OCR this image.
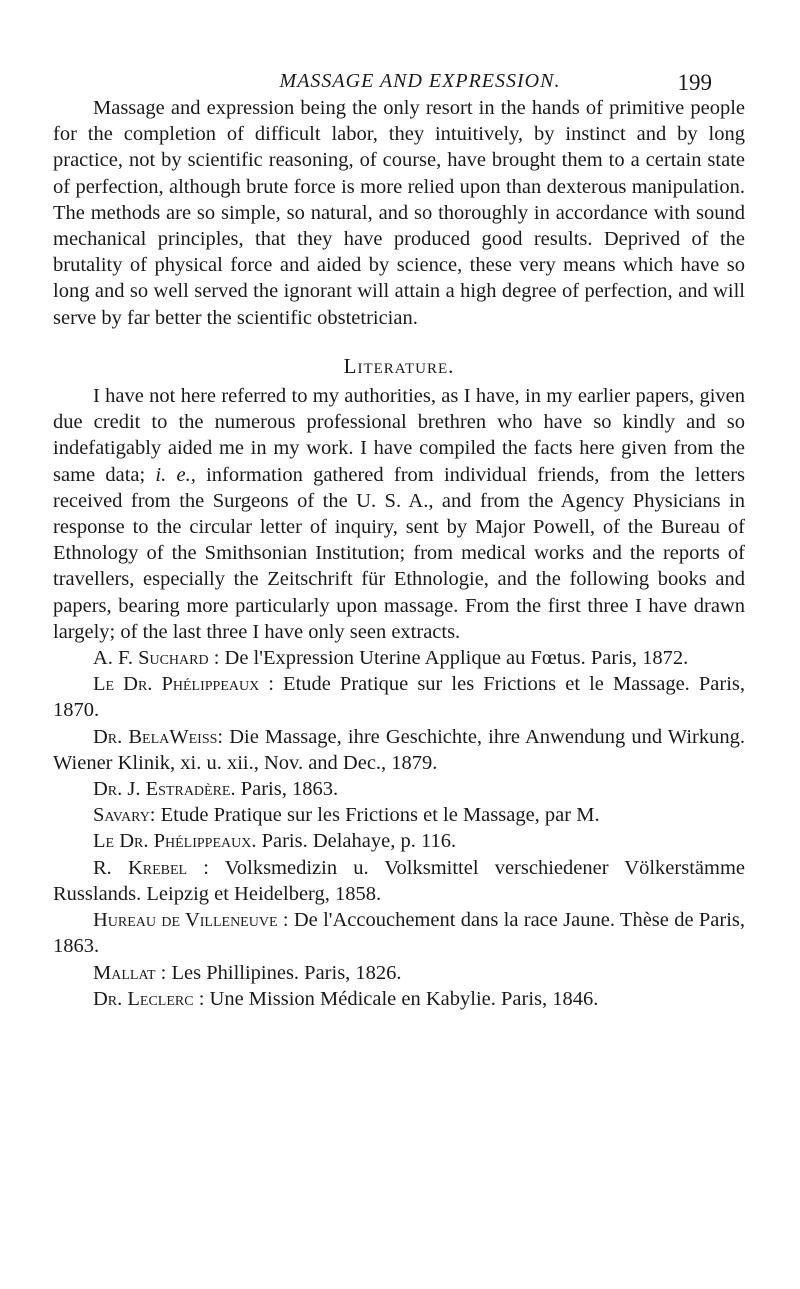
MASSAGE AND EXPRESSION.	199

Massage and expression being the only resort in the hands of primitive people for the completion of difficult labor, they intuitively, by instinct and by long practice, not by scientific reasoning, of course, have brought them to a certain state of perfection, although brute force is more relied upon than dexterous manipulation. The methods are so simple, so natural, and so thoroughly in accordance with sound mechanical principles, that they have produced good results. Deprived of the brutality of physical force and aided by science, these very means which have so long and so well served the ignorant will attain a high degree of perfection, and will serve by far better the scientific obstetrician.

Literature.

I have not here referred to my authorities, as I have, in my earlier papers, given due credit to the numerous professional brethren who have so kindly and so indefatigably aided me in my work. I have compiled the facts here given from the same data; i. e., information gathered from individual friends, from the letters received from the Surgeons of the U. S. A., and from the Agency Physicians in response to the circular letter of inquiry, sent by Major Powell, of the Bureau of Ethnology of the Smithsonian Institution; from medical works and the reports of travellers, especially the Zeitschrift für Ethnologie, and the following books and papers, bearing more particularly upon massage. From the first three I have drawn largely; of the last three I have only seen extracts.

A. F. Suchard : De l'Expression Uterine Applique au Fœtus. Paris, 1872.

Le Dr. Phélippeaux : Etude Pratique sur les Frictions et le Massage. Paris, 1870.

Dr. BelaWeiss: Die Massage, ihre Geschichte, ihre Anwendung und Wirkung. Wiener Klinik, xi. u. xii., Nov. and Dec., 1879.

Dr. J. Estradère. Paris, 1863.

Savary: Etude Pratique sur les Frictions et le Massage, par M.

Le Dr. Phélippeaux. Paris. Delahaye, p. 116.

R. Krebel : Volksmedizin u. Volksmittel verschiedener Völkerstämme Russlands. Leipzig et Heidelberg, 1858.

Hureau de Villeneuve : De l'Accouchement dans la race Jaune. Thèse de Paris, 1863.

Mallat : Les Phillipines. Paris, 1826.

Dr. Leclerc : Une Mission Médicale en Kabylie. Paris, 1846.
